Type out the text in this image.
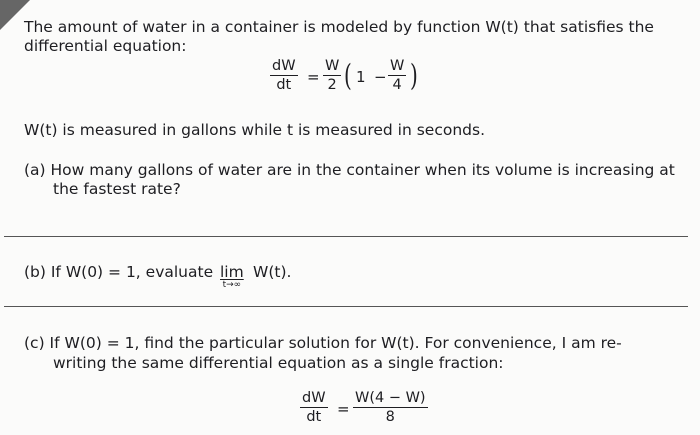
The amount of water in a container is modeled by function W(t) that satisfies the
differential equation:
dW
dt =
W
2 ( 1 −
W
4 )
W(t) is measured in gallons while t is measured in seconds.
(a) How many gallons of water are in the container when its volume is increasing at
the fastest rate?
(b) If W(0) = 1, evaluate lim
t→∞
W(t).
(c) If W(0) = 1, find the particular solution for W(t). For convenience, I am re-
writing the same differential equation as a single fraction:
dW
dt =
W(4 − W)
8
